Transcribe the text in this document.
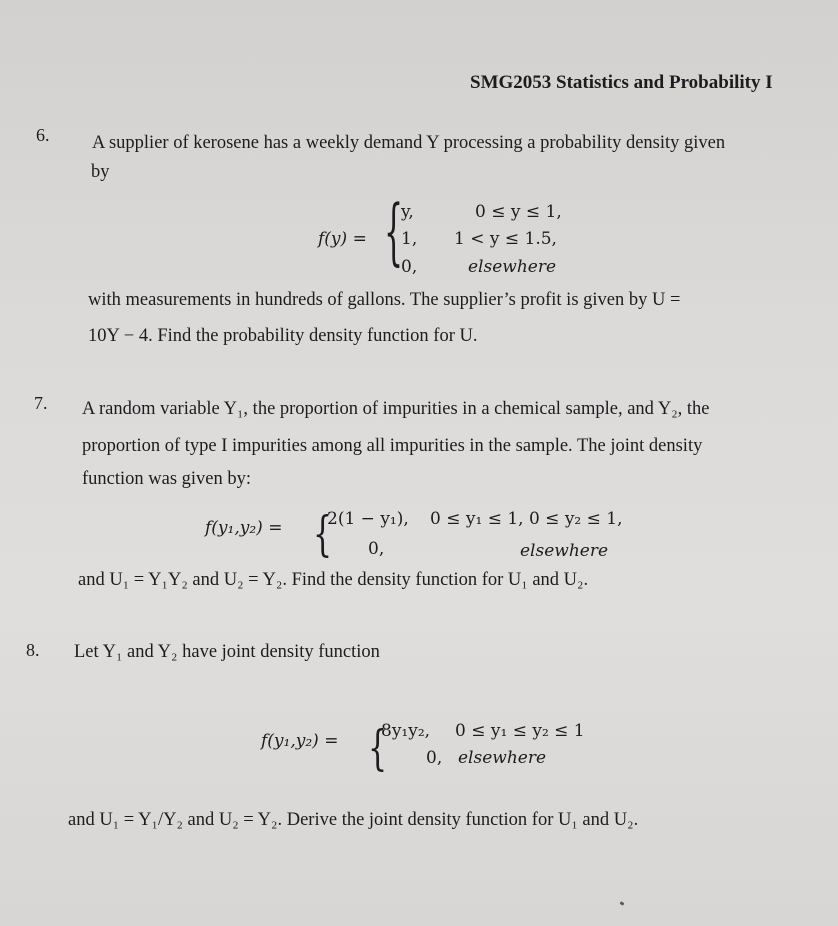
SMG2053 Statistics and Probability I
6. A supplier of kerosene has a weekly demand Y processing a probability density given
by
f(y) = {
y,	0 ≤ y ≤ 1,
1, 1 < y ≤ 1.5,
0,	elsewhere
with measurements in hundreds of gallons. The supplier’s profit is given by U =
10Y − 4. Find the probability density function for U.
7. A random variable Y₁, the proportion of impurities in a chemical sample, and Y₂, the
proportion of type I impurities among all impurities in the sample. The joint density
function was given by:
f(y₁,y₂) = {
2(1 − y₁), 0 ≤ y₁ ≤ 1, 0 ≤ y₂ ≤ 1,
0,	elsewhere
and U₁ = Y₁Y₂ and U₂ = Y₂. Find the density function for U₁ and U₂.
8. Let Y₁ and Y₂ have joint density function
f(y₁,y₂) = {
8y₁y₂, 0 ≤ y₁ ≤ y₂ ≤ 1
0, elsewhere
and U₁ = Y₁/Y₂ and U₂ = Y₂. Derive the joint density function for U₁ and U₂.
